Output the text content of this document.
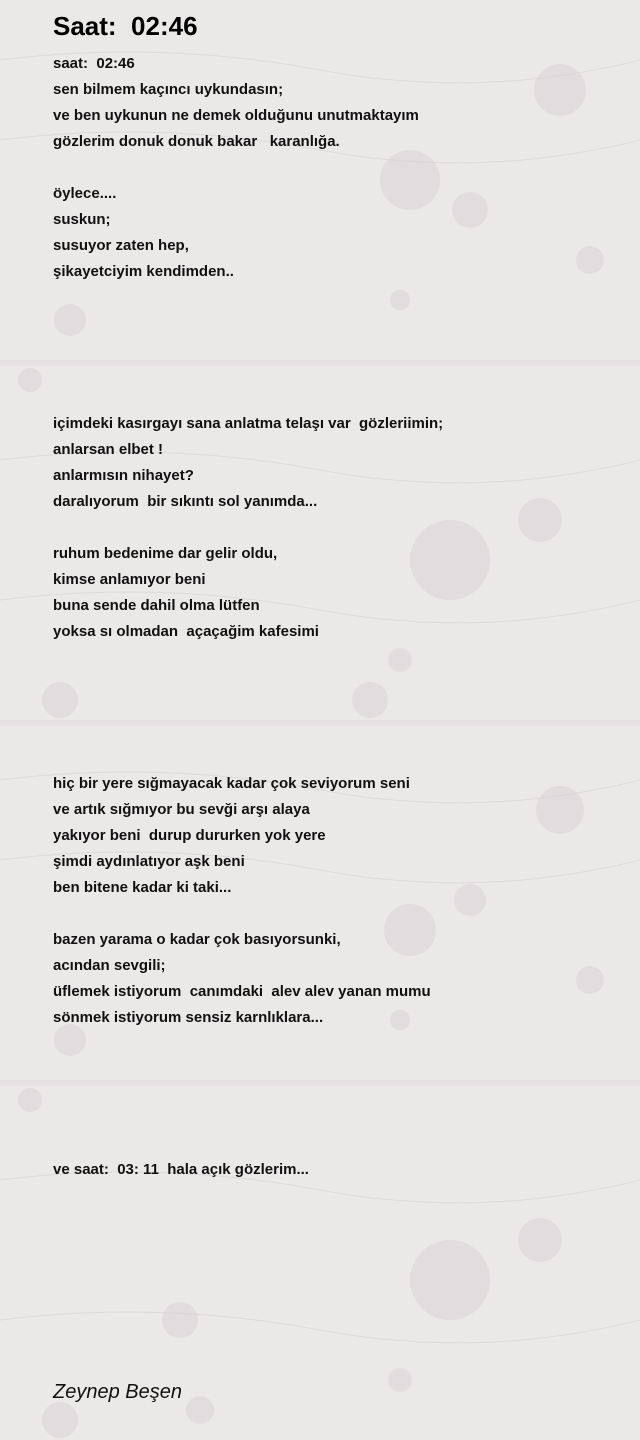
Saat:  02:46
saat:  02:46
sen bilmem kaçıncı uykundasın;
ve ben uykunun ne demek olduğunu unutmaktayım
gözlerim donuk donuk bakar   karanlığa.
öylece....
suskun;
susuyor zaten hep,
şikayetciyim kendimden..
içimdeki kasırgayı sana anlatma telaşı var  gözleriimin;
anlarsan elbet !
anlarmısın nihayet?
daralıyorum  bir sıkıntı sol yanımda...
ruhum bedenime dar gelir oldu,
kimse anlamıyor beni
buna sende dahil olma lütfen
yoksa sı olmadan  açaçağim kafesimi
hiç bir yere sığmayacak kadar çok seviyorum seni
ve artık sığmıyor bu sevği arşı alaya
yakıyor beni  durup dururken yok yere
şimdi aydınlatıyor aşk beni
ben bitene kadar ki taki...
bazen yarama o kadar çok basıyorsunki,
acından sevgili;
üflemek istiyorum  canımdaki  alev alev yanan mumu
sönmek istiyorum sensiz karnlıklara...
ve saat:  03: 11  hala açık gözlerim...
Zeynep Beşen
